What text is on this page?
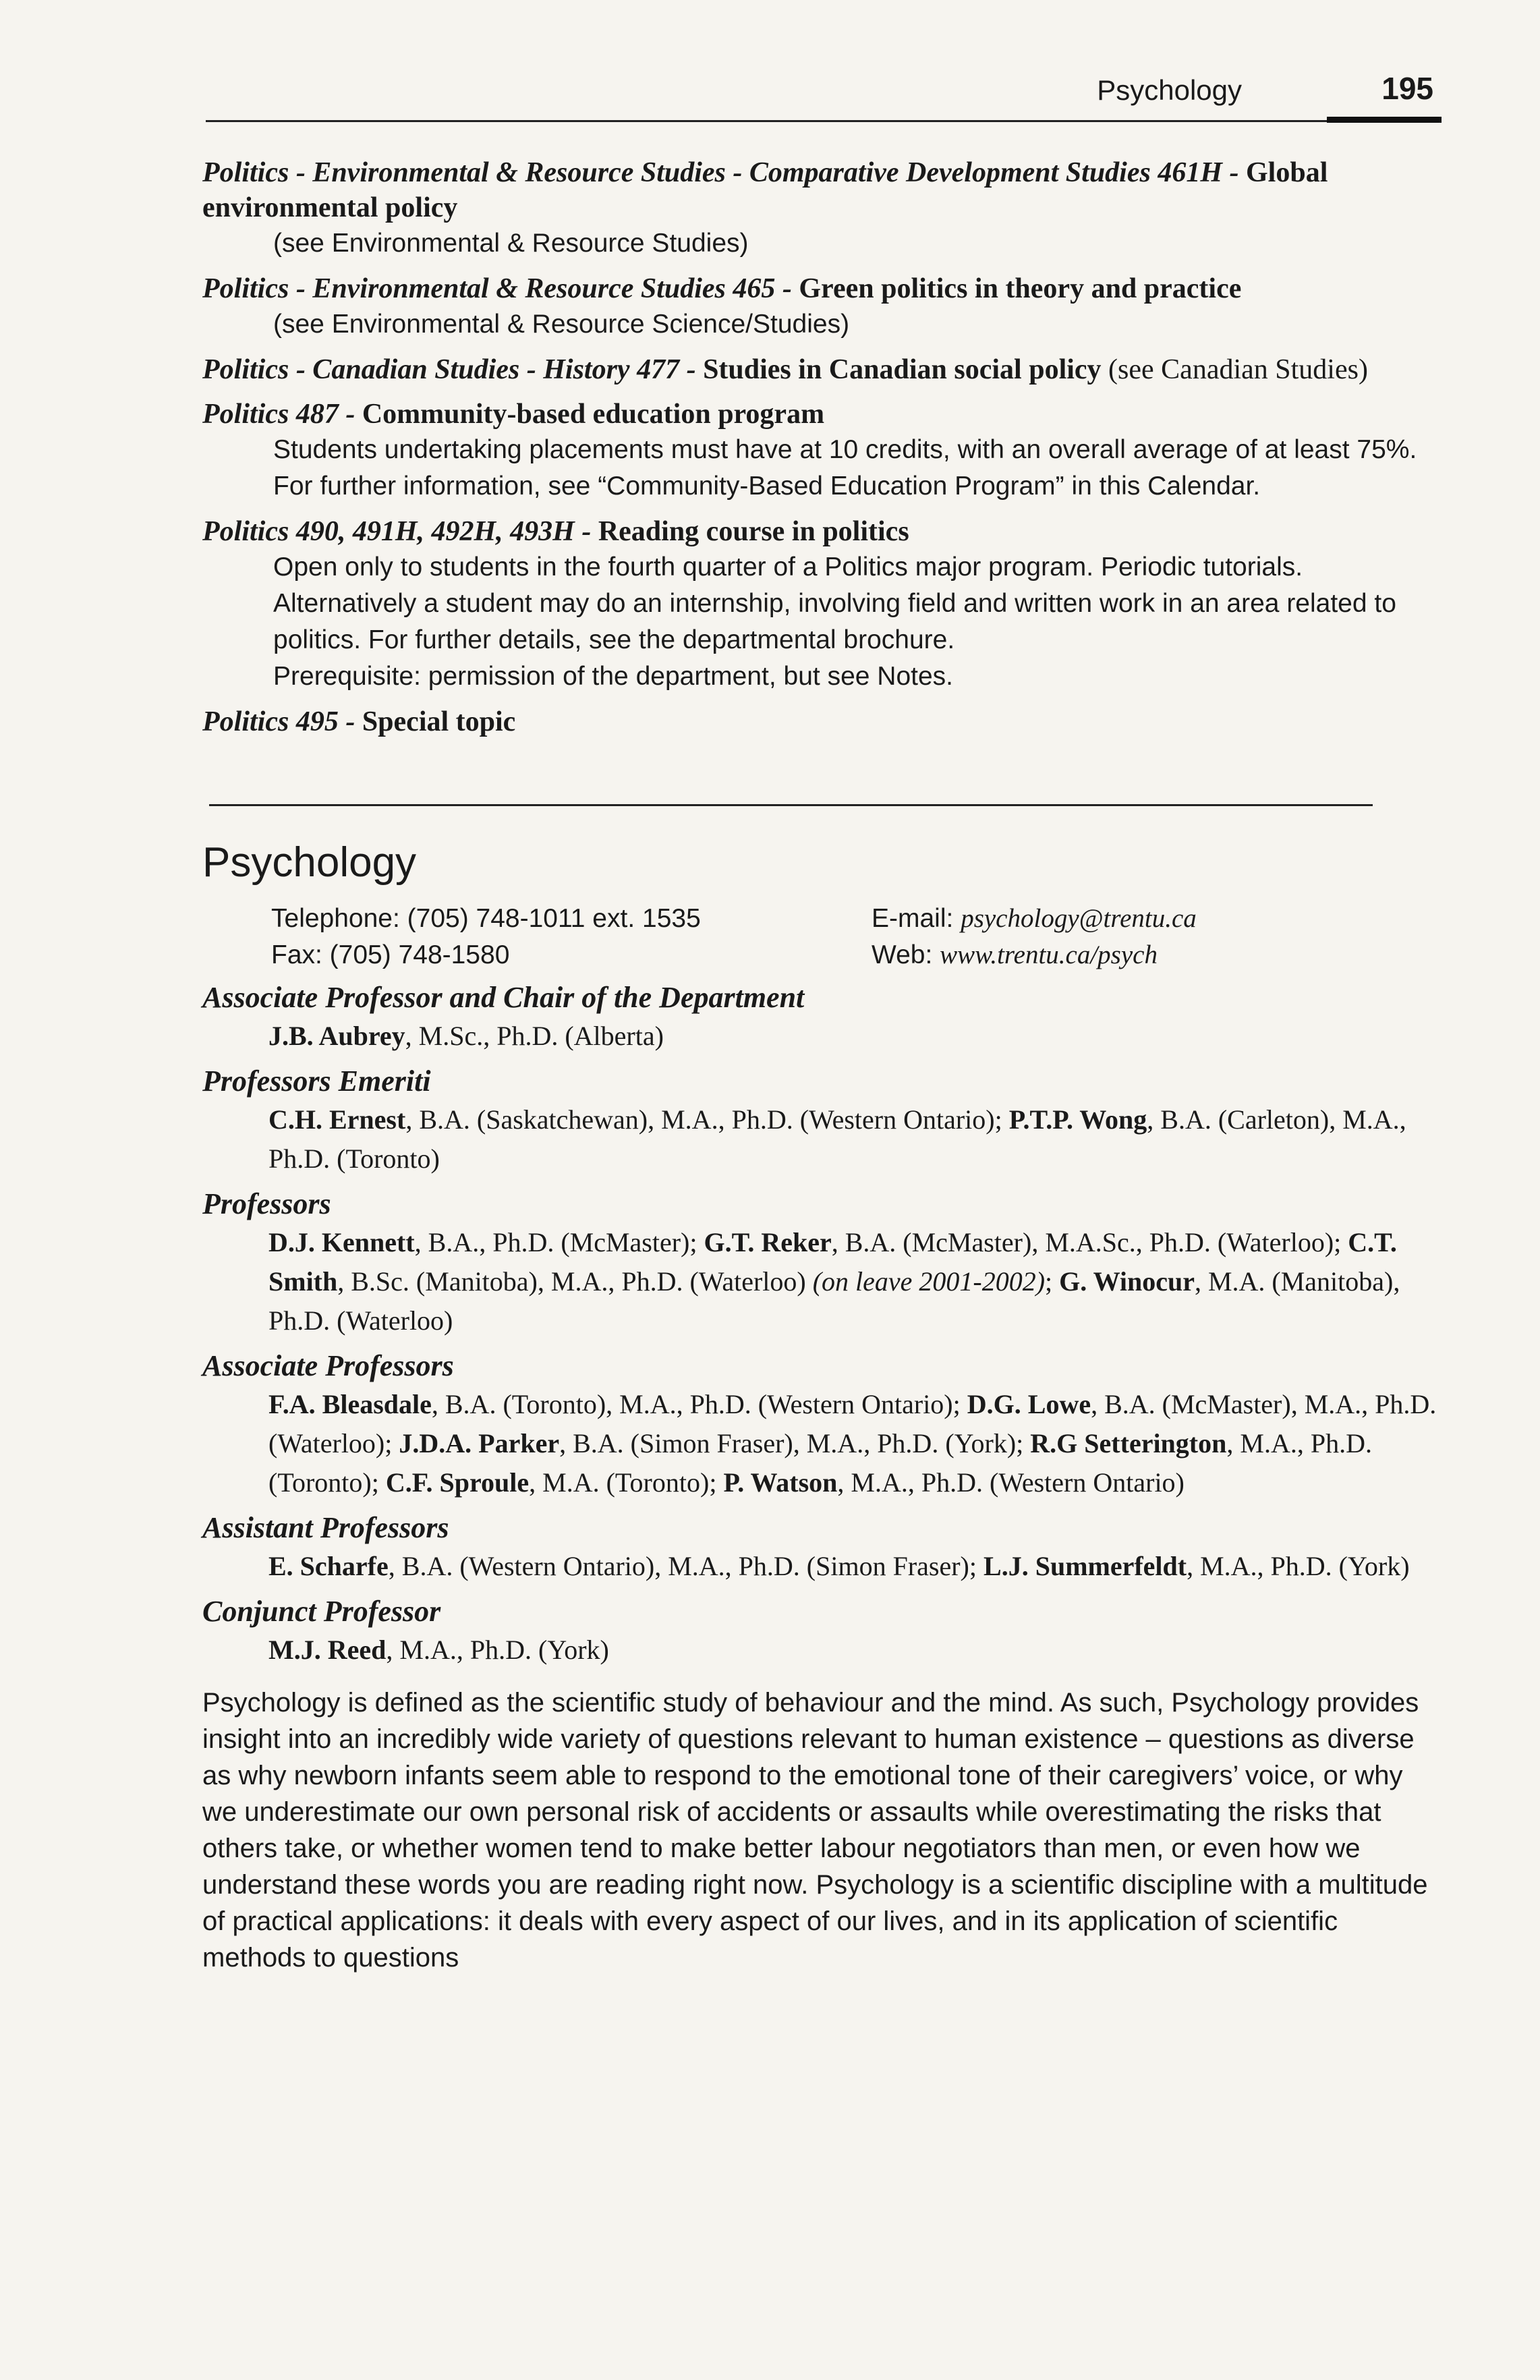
Psychology	195
Politics - Environmental & Resource Studies - Comparative Development Studies 461H - Global environmental policy

(see Environmental & Resource Studies)

Politics - Environmental & Resource Studies 465 - Green politics in theory and practice

(see Environmental & Resource Science/Studies)

Politics - Canadian Studies - History 477 - Studies in Canadian social policy (see Canadian Studies)
Politics 487 - Community-based education program

Students undertaking placements must have at 10 credits, with an overall average of at least 75%. For further information, see “Community-Based Education Program” in this Calendar.

Politics 490, 491H, 492H, 493H - Reading course in politics

Open only to students in the fourth quarter of a Politics major program. Periodic tutorials. Alternatively a student may do an internship, involving field and written work in an area related to politics. For further details, see the departmental brochure.

Prerequisite: permission of the department, but see Notes.

Politics 495 - Special topic
Psychology
Telephone: (705) 748-1011 ext. 1535
Fax: (705) 748-1580
E-mail: psychology@trentu.ca
Web: www.trentu.ca/psych
Associate Professor and Chair of the Department
J.B. Aubrey, M.Sc., Ph.D. (Alberta)
Professors Emeriti
C.H. Ernest, B.A. (Saskatchewan), M.A., Ph.D. (Western Ontario); P.T.P. Wong, B.A. (Carleton), M.A., Ph.D. (Toronto)
Professors
D.J. Kennett, B.A., Ph.D. (McMaster); G.T. Reker, B.A. (McMaster), M.A.Sc., Ph.D. (Waterloo); C.T. Smith, B.Sc. (Manitoba), M.A., Ph.D. (Waterloo) (on leave 2001-2002); G. Winocur, M.A. (Manitoba), Ph.D. (Waterloo)
Associate Professors
F.A. Bleasdale, B.A. (Toronto), M.A., Ph.D. (Western Ontario); D.G. Lowe, B.A. (McMaster), M.A., Ph.D. (Waterloo); J.D.A. Parker, B.A. (Simon Fraser), M.A., Ph.D. (York); R.G Setterington, M.A., Ph.D. (Toronto); C.F. Sproule, M.A. (Toronto); P. Watson, M.A., Ph.D. (Western Ontario)
Assistant Professors
E. Scharfe, B.A. (Western Ontario), M.A., Ph.D. (Simon Fraser); L.J. Summerfeldt, M.A., Ph.D. (York)
Conjunct Professor
M.J. Reed, M.A., Ph.D. (York)
Psychology is defined as the scientific study of behaviour and the mind. As such, Psychology provides insight into an incredibly wide variety of questions relevant to human existence – questions as diverse as why newborn infants seem able to respond to the emotional tone of their caregivers’ voice, or why we underestimate our own personal risk of accidents or assaults while overestimating the risks that others take, or whether women tend to make better labour negotiators than men, or even how we understand these words you are reading right now. Psychology is a scientific discipline with a multitude of practical applications: it deals with every aspect of our lives, and in its application of scientific methods to questions
